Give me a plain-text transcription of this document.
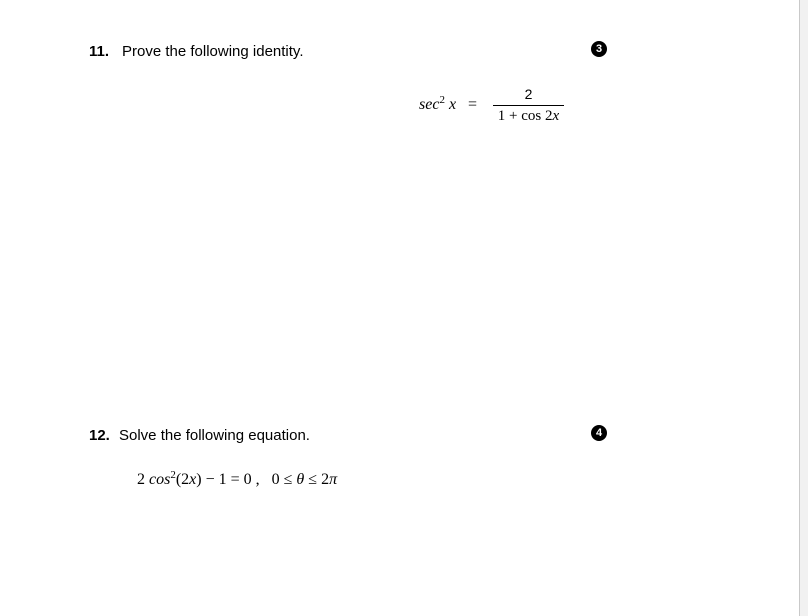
11. Prove the following identity.	3
$\sec^2 x$ =
2
1 + cos 2x
12. Solve the following equation.	4
2 $\cos^2(2x) - 1 = 0$ ,   0 ≤ θ ≤ 2π
